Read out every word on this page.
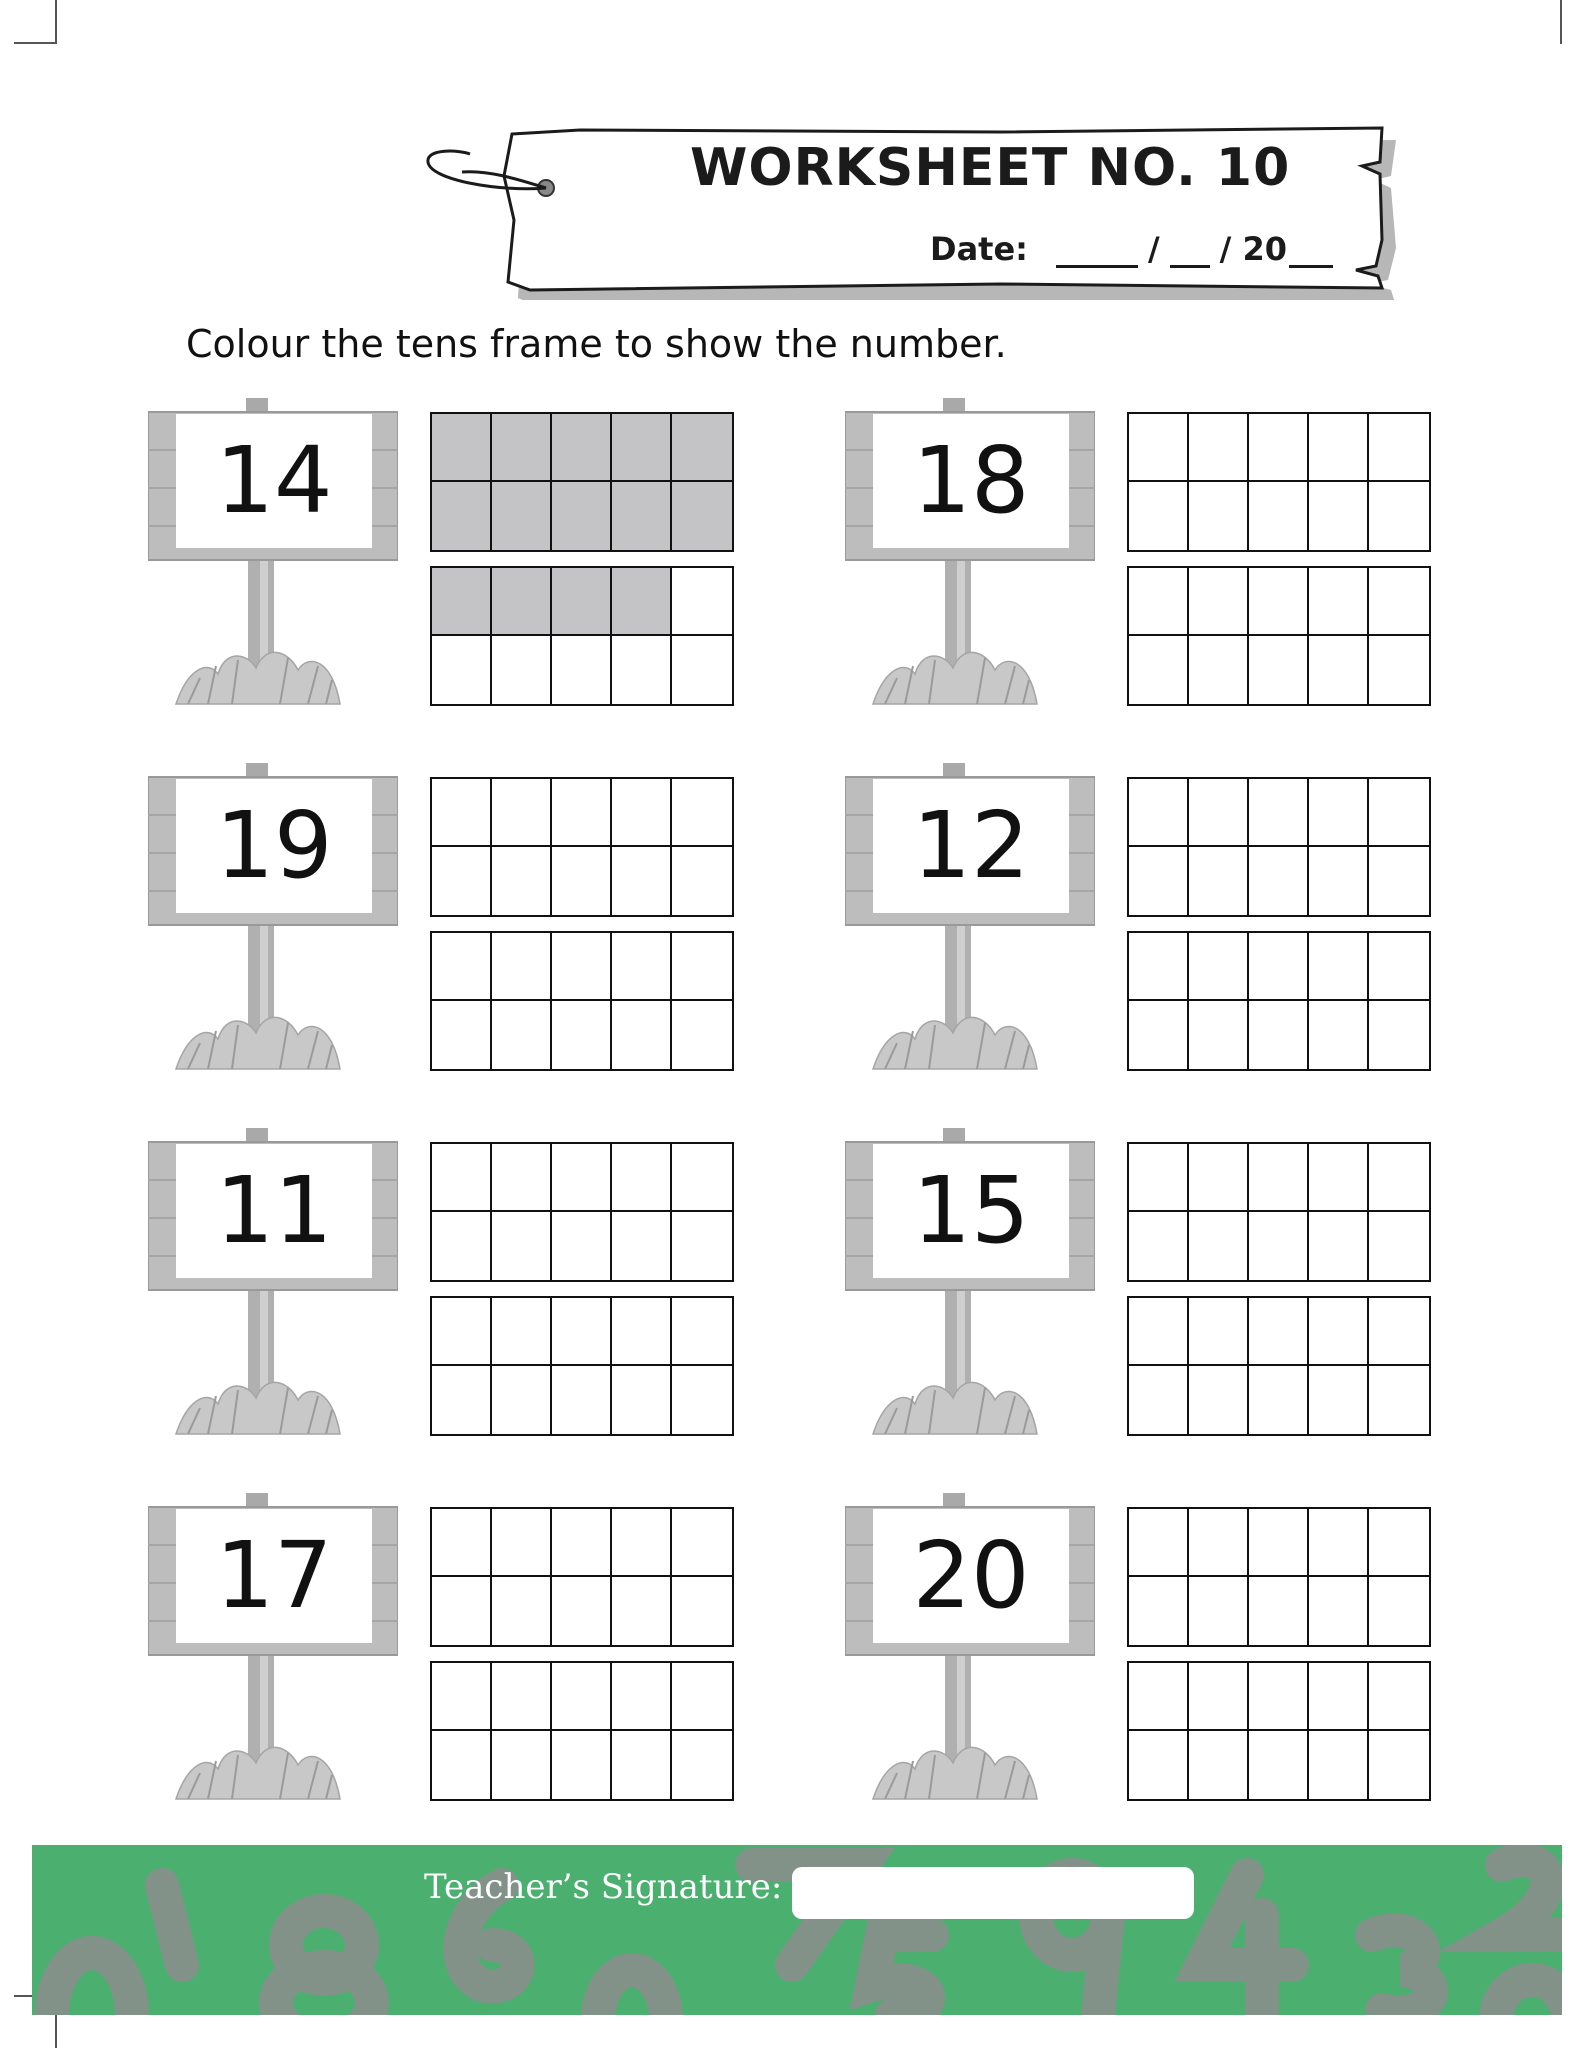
WORKSHEET NO. 10
Date:	/ / 20
Colour the tens frame to show the number.
14	18
19	12
11	15
17	20
Teacher’s Signature:
